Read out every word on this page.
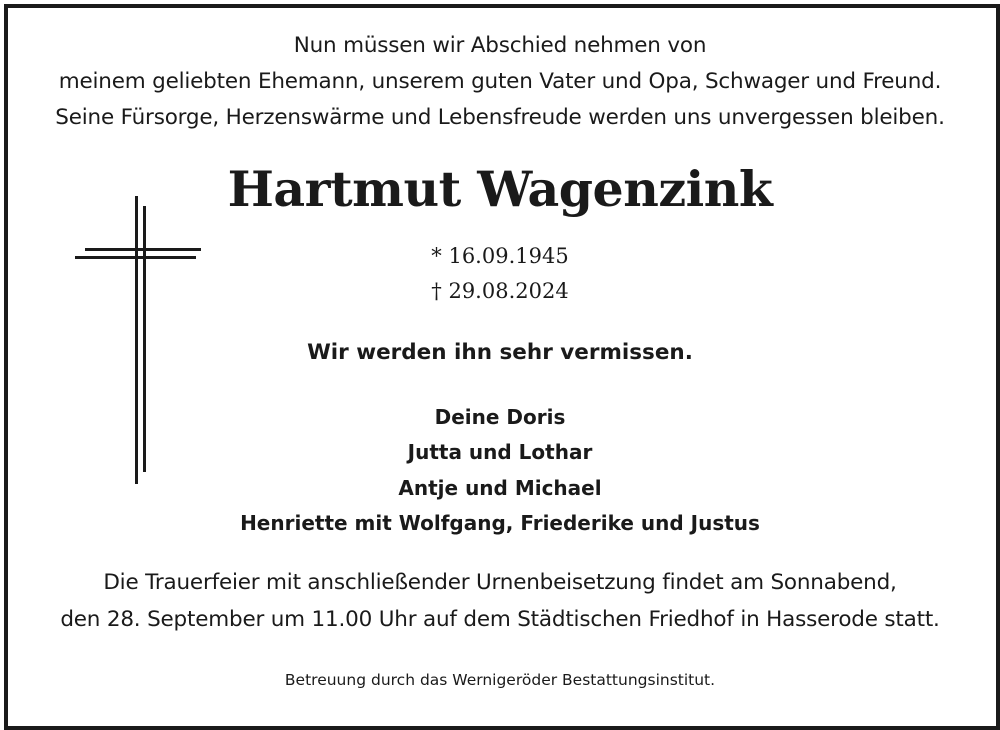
Nun müssen wir Abschied nehmen von
meinem geliebten Ehemann, unserem guten Vater und Opa, Schwager und Freund.
Seine Fürsorge, Herzenswärme und Lebensfreude werden uns unvergessen bleiben.
Hartmut Wagenzink
* 16.09.1945
† 29.08.2024
Wir werden ihn sehr vermissen.
Deine Doris
Jutta und Lothar
Antje und Michael
Henriette mit Wolfgang, Friederike und Justus
Die Trauerfeier mit anschließender Urnenbeisetzung findet am Sonnabend,
den 28. September um 11.00 Uhr auf dem Städtischen Friedhof in Hasserode statt.
Betreuung durch das Wernigeröder Bestattungsinstitut.
